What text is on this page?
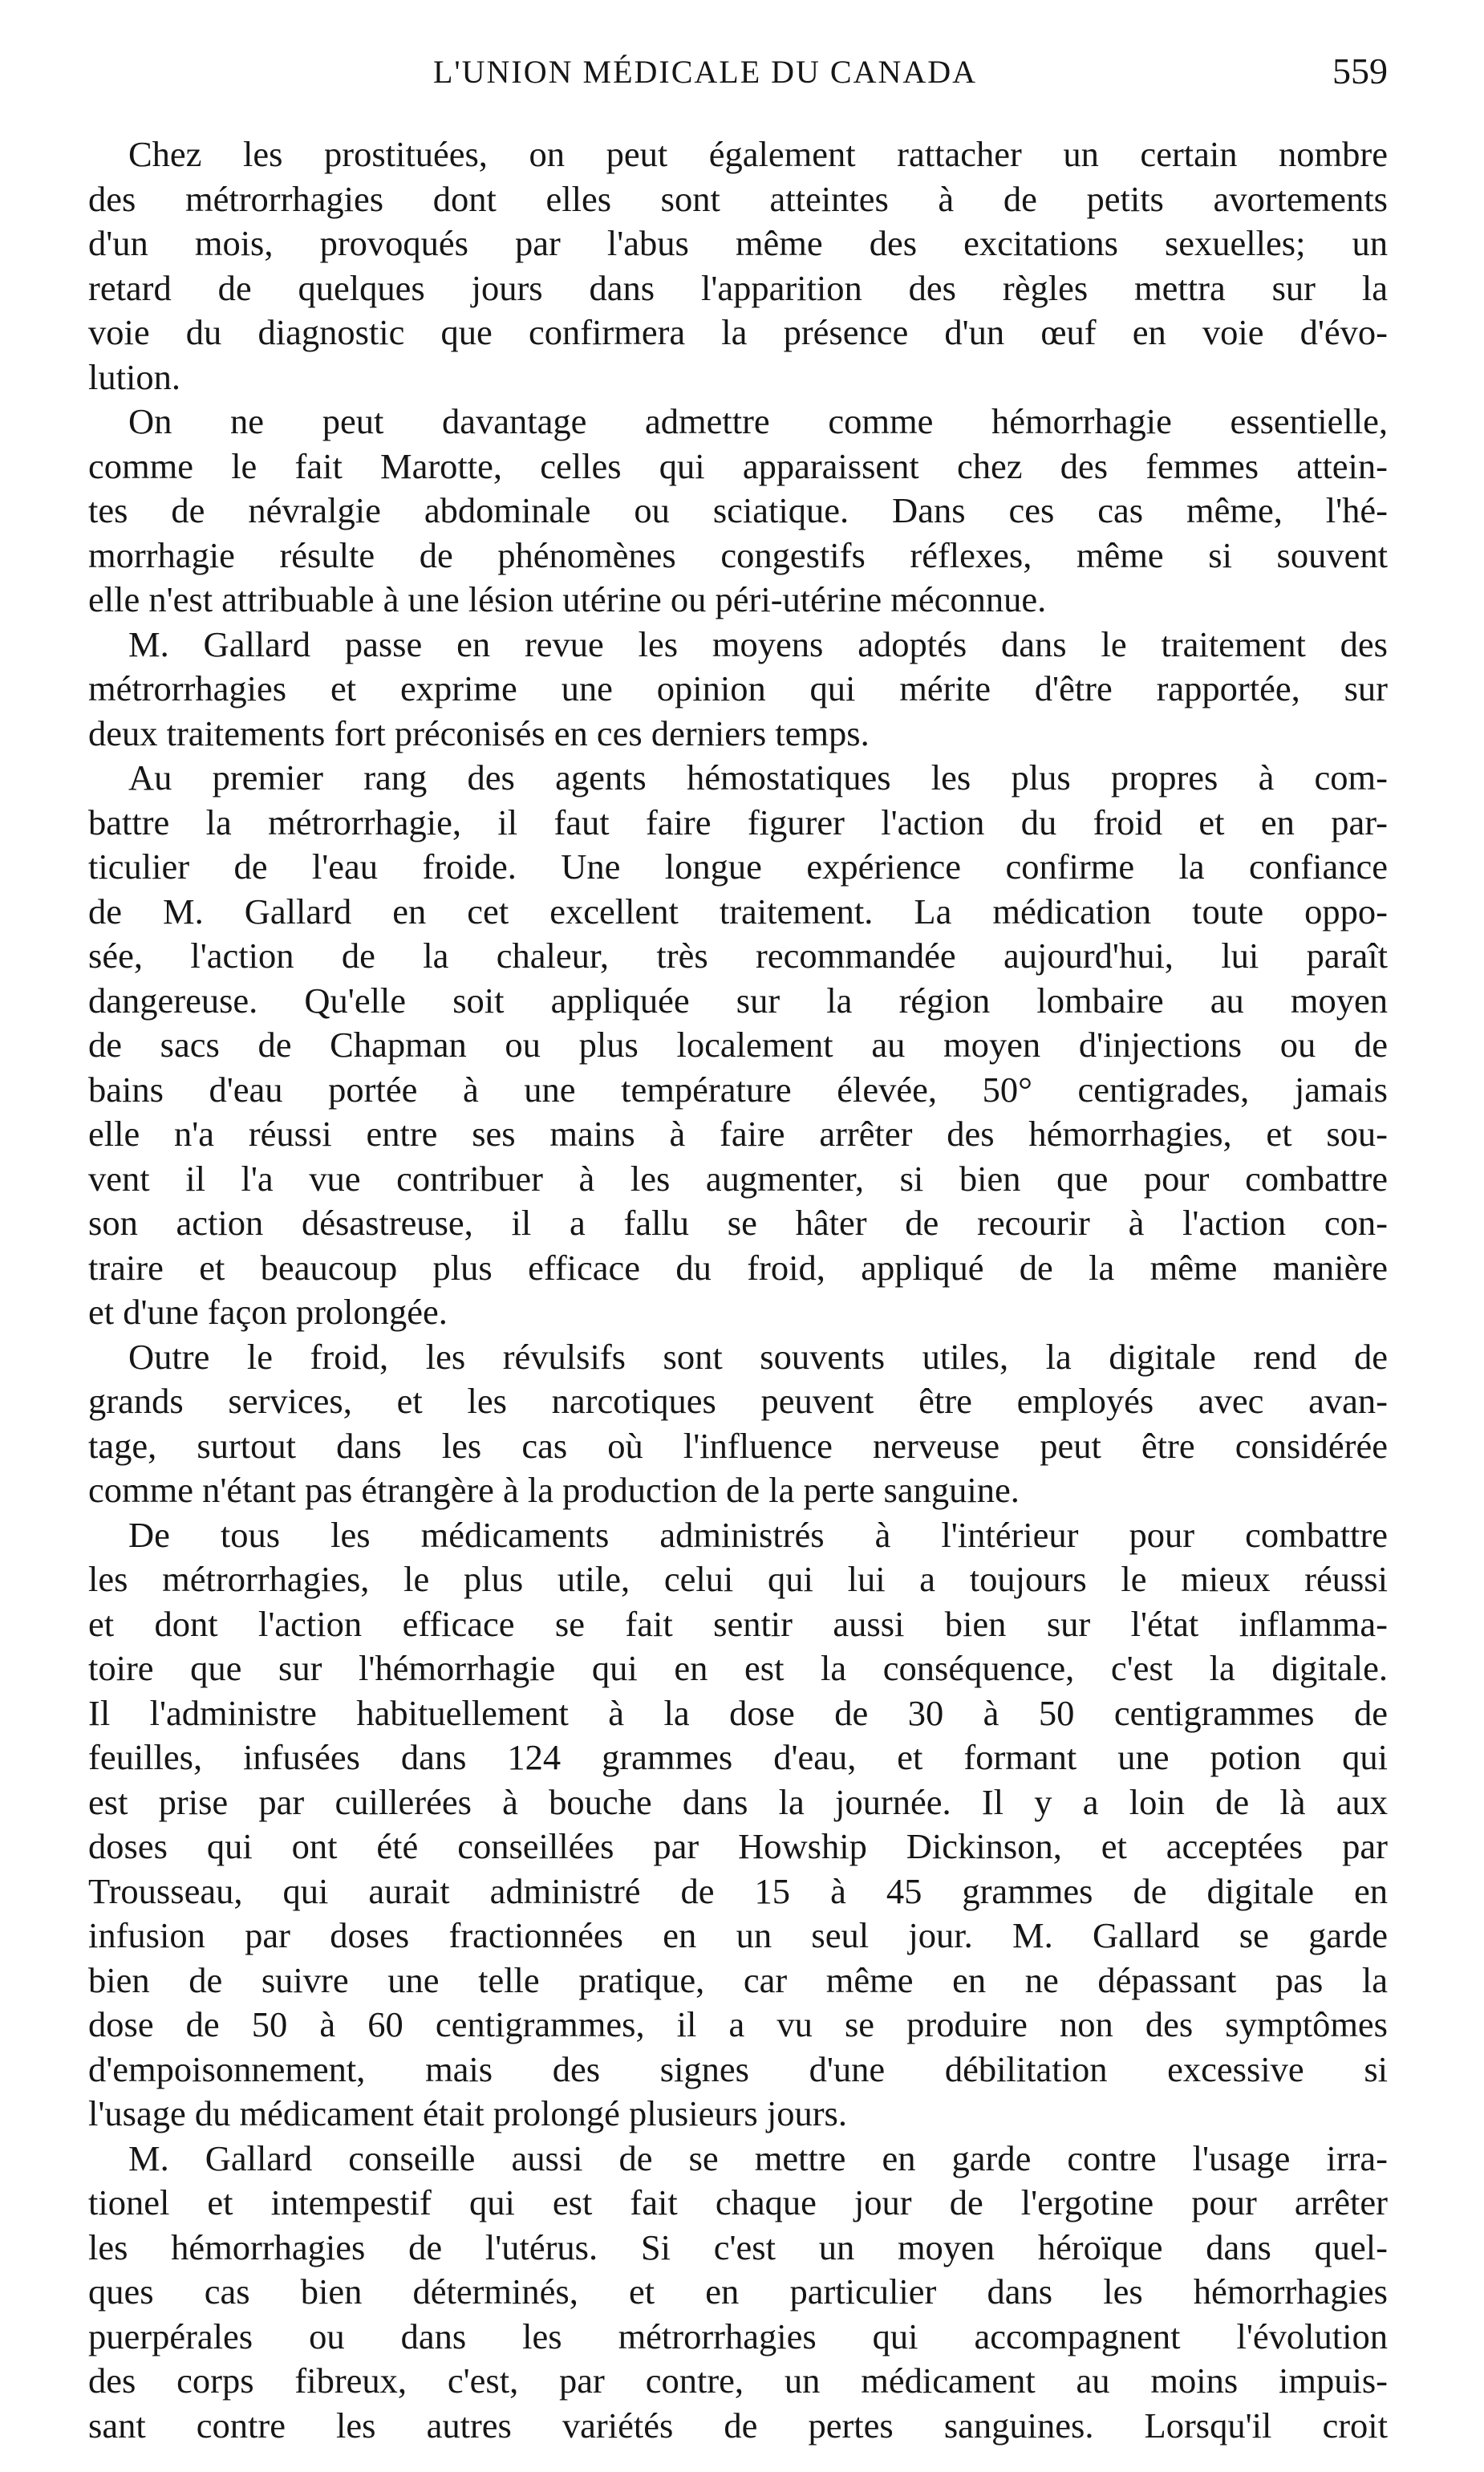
L'UNION MÉDICALE DU CANADA	559
Chez les prostituées, on peut également rattacher un certain nombre
des métrorrhagies dont elles sont atteintes à de petits avortements
d'un mois, provoqués par l'abus même des excitations sexuelles; un
retard de quelques jours dans l'apparition des règles mettra sur la
voie du diagnostic que confirmera la présence d'un œuf en voie d'évo-
lution.
On ne peut davantage admettre comme hémorrhagie essentielle,
comme le fait Marotte, celles qui apparaissent chez des femmes attein-
tes de névralgie abdominale ou sciatique. Dans ces cas même, l'hé-
morrhagie résulte de phénomènes congestifs réflexes, même si souvent
elle n'est attribuable à une lésion utérine ou péri-utérine méconnue.
M. Gallard passe en revue les moyens adoptés dans le traitement des
métrorrhagies et exprime une opinion qui mérite d'être rapportée, sur
deux traitements fort préconisés en ces derniers temps.
Au premier rang des agents hémostatiques les plus propres à com-
battre la métrorrhagie, il faut faire figurer l'action du froid et en par-
ticulier de l'eau froide. Une longue expérience confirme la confiance
de M. Gallard en cet excellent traitement. La médication toute oppo-
sée, l'action de la chaleur, très recommandée aujourd'hui, lui paraît
dangereuse. Qu'elle soit appliquée sur la région lombaire au moyen
de sacs de Chapman ou plus localement au moyen d'injections ou de
bains d'eau portée à une température élevée, 50° centigrades, jamais
elle n'a réussi entre ses mains à faire arrêter des hémorrhagies, et sou-
vent il l'a vue contribuer à les augmenter, si bien que pour combattre
son action désastreuse, il a fallu se hâter de recourir à l'action con-
traire et beaucoup plus efficace du froid, appliqué de la même manière
et d'une façon prolongée.
Outre le froid, les révulsifs sont souvents utiles, la digitale rend de
grands services, et les narcotiques peuvent être employés avec avan-
tage, surtout dans les cas où l'influence nerveuse peut être considérée
comme n'étant pas étrangère à la production de la perte sanguine.
De tous les médicaments administrés à l'intérieur pour combattre
les métrorrhagies, le plus utile, celui qui lui a toujours le mieux réussi
et dont l'action efficace se fait sentir aussi bien sur l'état inflamma-
toire que sur l'hémorrhagie qui en est la conséquence, c'est la digitale.
Il l'administre habituellement à la dose de 30 à 50 centigrammes de
feuilles, infusées dans 124 grammes d'eau, et formant une potion qui
est prise par cuillerées à bouche dans la journée. Il y a loin de là aux
doses qui ont été conseillées par Howship Dickinson, et acceptées par
Trousseau, qui aurait administré de 15 à 45 grammes de digitale en
infusion par doses fractionnées en un seul jour. M. Gallard se garde
bien de suivre une telle pratique, car même en ne dépassant pas la
dose de 50 à 60 centigrammes, il a vu se produire non des symptômes
d'empoisonnement, mais des signes d'une débilitation excessive si
l'usage du médicament était prolongé plusieurs jours.
M. Gallard conseille aussi de se mettre en garde contre l'usage irra-
tionel et intempestif qui est fait chaque jour de l'ergotine pour arrêter
les hémorrhagies de l'utérus. Si c'est un moyen héroïque dans quel-
ques cas bien déterminés, et en particulier dans les hémorrhagies
puerpérales ou dans les métrorrhagies qui accompagnent l'évolution
des corps fibreux, c'est, par contre, un médicament au moins impuis-
sant contre les autres variétés de pertes sanguines. Lorsqu'il croit
